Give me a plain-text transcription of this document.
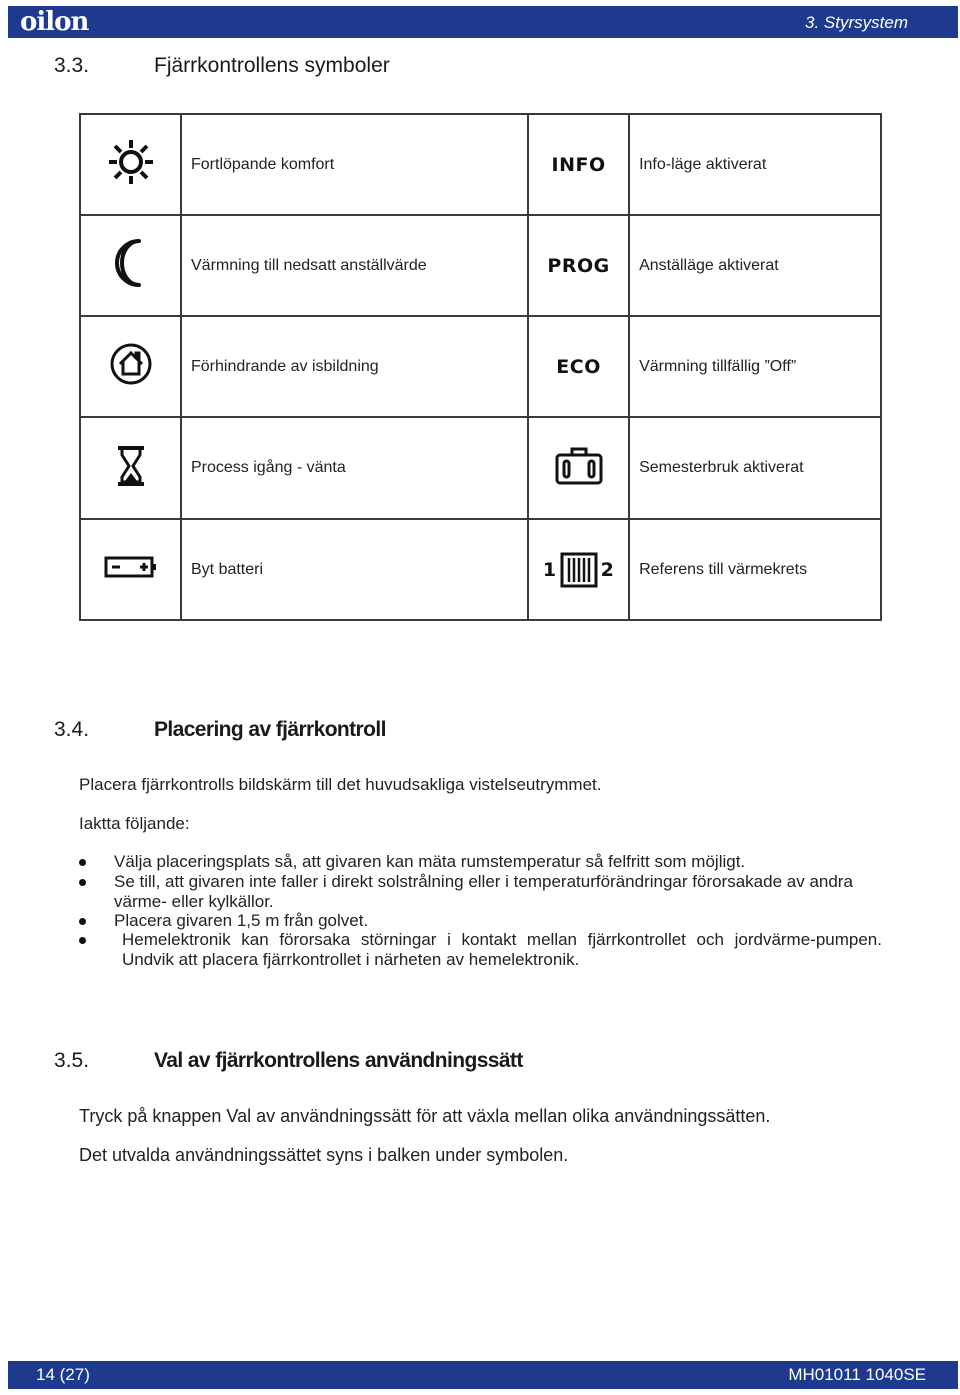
oilon	3. Styrsystem
3.3.	Fjärrkontrollens symboler
	Fortlöpande komfort	INFO	Info-läge aktiverat
	Värmning till nedsatt anställvärde	PROG	Anställäge aktiverat
	Förhindrande av isbildning	ECO	Värmning tillfällig ”Off”
	Process igång - vänta		Semesterbruk aktiverat
	Byt batteri	1 2	Referens till värmekrets
3.4.	Placering av fjärrkontroll
Placera fjärrkontrolls bildskärm till det huvudsakliga vistelseutrymmet.
Iaktta följande:
Välja placeringsplats så, att givaren kan mäta rumstemperatur så felfritt som möjligt.
Se till, att givaren inte faller i direkt solstrålning eller i temperaturförändringar förorsakade av andra värme- eller kylkällor.
Placera givaren 1,5 m från golvet.
Hemelektronik kan förorsaka störningar i kontakt mellan fjärrkontrollet och jordvärme-pumpen. Undvik att placera fjärrkontrollet i närheten av hemelektronik.
3.5.	Val av fjärrkontrollens användningssätt
Tryck på knappen Val av användningssätt för att växla mellan olika användningssätten.
Det utvalda användningssättet syns i balken under symbolen.
14 (27)	MH01011 1040SE
